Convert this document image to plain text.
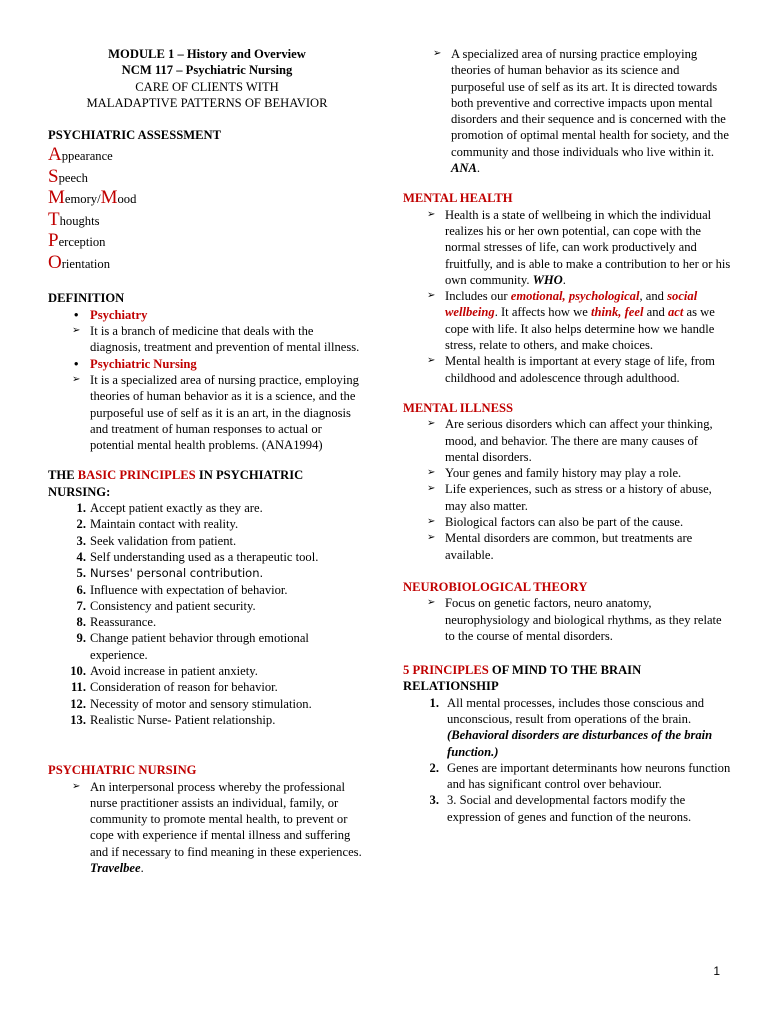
MODULE 1 – History and Overview
NCM 117 – Psychiatric Nursing
CARE OF CLIENTS WITH
MALADAPTIVE PATTERNS OF BEHAVIOR
PSYCHIATRIC ASSESSMENT
Appearance
Speech
Memory/Mood
Thoughts
Perception
Orientation
DEFINITION
• Psychiatry
➢ It is a branch of medicine that deals with the diagnosis, treatment and prevention of mental illness.
• Psychiatric Nursing
➢ It is a specialized area of nursing practice, employing theories of human behavior as it is a science, and the purposeful use of self as it is an art, in the diagnosis and treatment of human responses to actual or potential mental health problems. (ANA1994)
THE BASIC PRINCIPLES IN PSYCHIATRIC NURSING:
1. Accept patient exactly as they are.
2. Maintain contact with reality.
3. Seek validation from patient.
4. Self understanding used as a therapeutic tool.
5. Nurses' personal contribution.
6. Influence with expectation of behavior.
7. Consistency and patient security.
8. Reassurance.
9. Change patient behavior through emotional experience.
10. Avoid increase in patient anxiety.
11. Consideration of reason for behavior.
12. Necessity of motor and sensory stimulation.
13. Realistic Nurse- Patient relationship.
PSYCHIATRIC NURSING
➢ An interpersonal process whereby the professional nurse practitioner assists an individual, family, or community to promote mental health, to prevent or cope with experience if mental illness and suffering and if necessary to find meaning in these experiences. Travelbee.
➢ A specialized area of nursing practice employing theories of human behavior as its science and purposeful use of self as its art. It is directed towards both preventive and corrective impacts upon mental disorders and their sequence and is concerned with the promotion of optimal mental health for society, and the community and those individuals who live within it. ANA.
MENTAL HEALTH
➢ Health is a state of wellbeing in which the individual realizes his or her own potential, can cope with the normal stresses of life, can work productively and fruitfully, and is able to make a contribution to her or his own community. WHO.
➢ Includes our emotional, psychological, and social wellbeing. It affects how we think, feel and act as we cope with life. It also helps determine how we handle stress, relate to others, and make choices.
➢ Mental health is important at every stage of life, from childhood and adolescence through adulthood.
MENTAL ILLNESS
➢ Are serious disorders which can affect your thinking, mood, and behavior. The there are many causes of mental disorders.
➢ Your genes and family history may play a role.
➢ Life experiences, such as stress or a history of abuse, may also matter.
➢ Biological factors can also be part of the cause.
➢ Mental disorders are common, but treatments are available.
NEUROBIOLOGICAL THEORY
➢ Focus on genetic factors, neuro anatomy, neurophysiology and biological rhythms, as they relate to the course of mental disorders.
5 PRINCIPLES OF MIND TO THE BRAIN RELATIONSHIP
1. All mental processes, includes those conscious and unconscious, result from operations of the brain. (Behavioral disorders are disturbances of the brain function.)
2. Genes are important determinants how neurons function and has significant control over behaviour.
3. 3. Social and developmental factors modify the expression of genes and function of the neurons.
1
